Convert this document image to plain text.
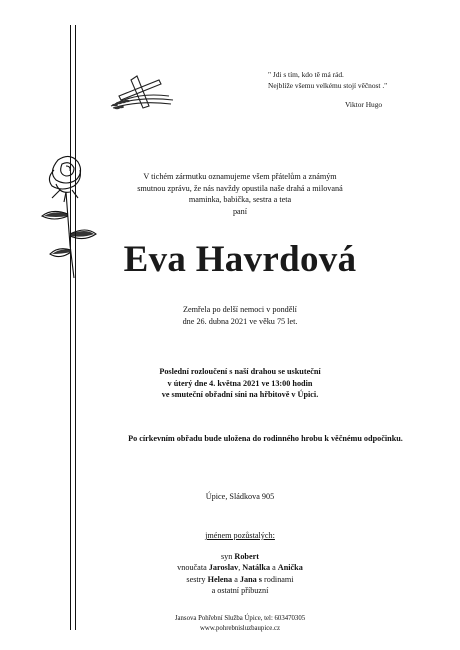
" Jdi s tím, kdo tě má rád.
Nejblíže všemu velkému stojí věčnost ."
Viktor Hugo
V tichém zármutku oznamujeme všem přátelům a známým
smutnou zprávu, že nás navždy opustila naše drahá a milovaná
maminka, babička, sestra a teta
paní
Eva Havrdová
Zemřela po delší nemoci v pondělí
dne 26. dubna 2021 ve věku 75 let.
Poslední rozloučení s naší drahou se uskuteční
v úterý dne 4. května 2021 ve 13:00 hodin
ve smuteční obřadní síni na hřbitově v Úpici.
Po církevním obřadu bude uložena do rodinného hrobu k věčnému odpočinku.
Úpice, Sládkova 905
jménem pozůstalých:
syn Robert
vnoučata Jaroslav, Natálka a Anička
sestry Helena a Jana s rodinami
a ostatní příbuzní
Jansova Pohřební Služba Úpice, tel: 603470305
www.pohrebnisluzbaupice.cz
